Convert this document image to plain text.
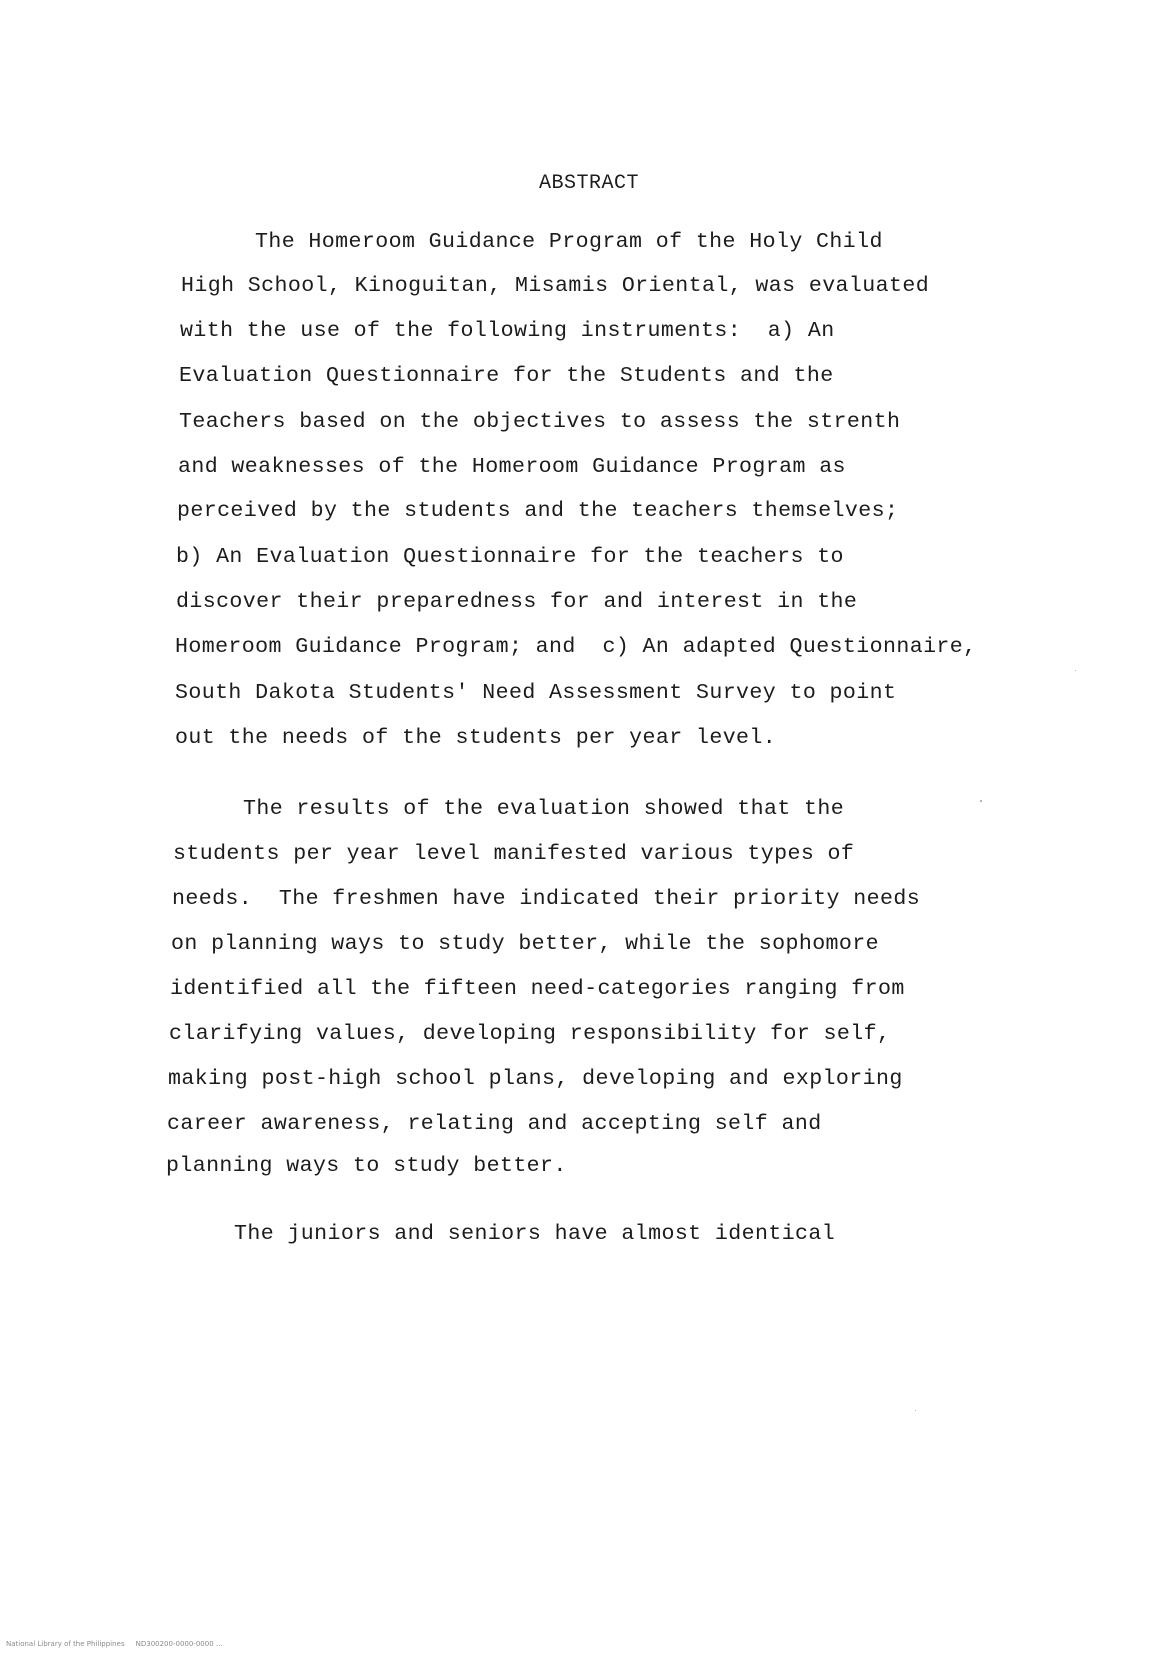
ABSTRACT
The Homeroom Guidance Program of the Holy Child
High School, Kinoguitan, Misamis Oriental, was evaluated
with the use of the following instruments:  a) An
Evaluation Questionnaire for the Students and the
Teachers based on the objectives to assess the strenth
and weaknesses of the Homeroom Guidance Program as
perceived by the students and the teachers themselves;
b) An Evaluation Questionnaire for the teachers to
discover their preparedness for and interest in the
Homeroom Guidance Program; and  c) An adapted Questionnaire,
South Dakota Students' Need Assessment Survey to point
out the needs of the students per year level.
The results of the evaluation showed that the
students per year level manifested various types of
needs.  The freshmen have indicated their priority needs
on planning ways to study better, while the sophomore
identified all the fifteen need-categories ranging from
clarifying values, developing responsibility for self,
making post-high school plans, developing and exploring
career awareness, relating and accepting self and
planning ways to study better.
The juniors and seniors have almost identical
National Library of the Philippines     ND300200-0000-0000 ...
